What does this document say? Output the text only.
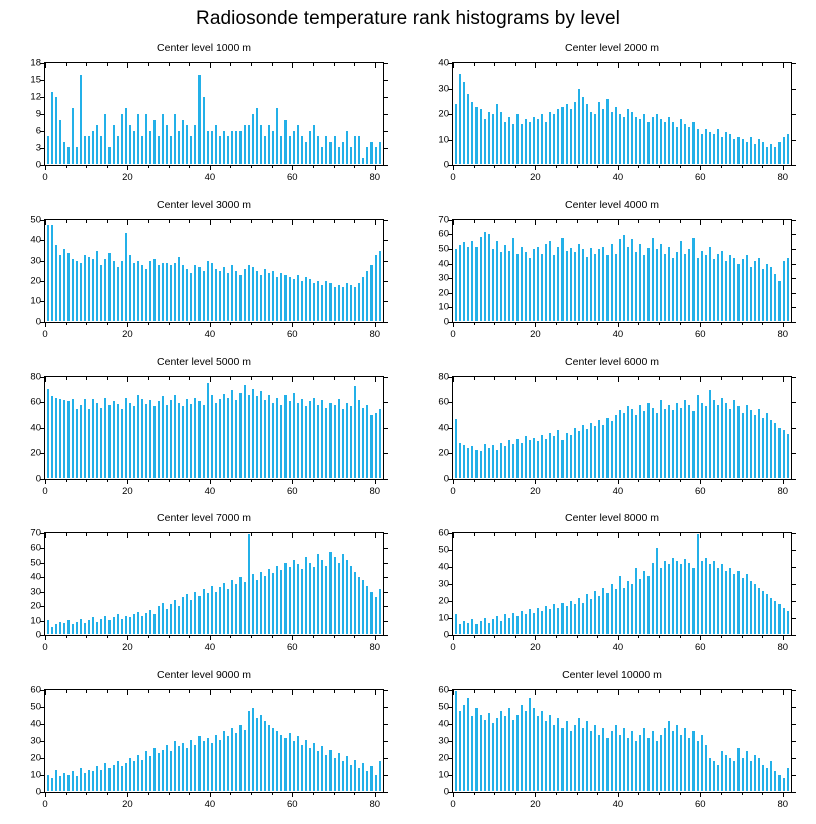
Radiosonde temperature rank histograms by level
Center level 1000 m
0
3
6
9
12
15
18
0	20	40	60	80
Center level 2000 m
0
10
20
30
40
0	20	40	60	80
Center level 3000 m
0
10
20
30
40
50
0	20	40	60	80
Center level 4000 m
0
10
20
30
40
50
60
70
0	20	40	60	80
Center level 5000 m
0
20
40
60
80
0	20	40	60	80
Center level 6000 m
0
20
40
60
80
0	20	40	60	80
Center level 7000 m
0
10
20
30
40
50
60
70
0	20	40	60	80
Center level 8000 m
0
10
20
30
40
50
60
0	20	40	60	80
Center level 9000 m
0
10
20
30
40
50
60
0	20	40	60	80
Center level 10000 m
0
10
20
30
40
50
60
0	20	40	60	80
